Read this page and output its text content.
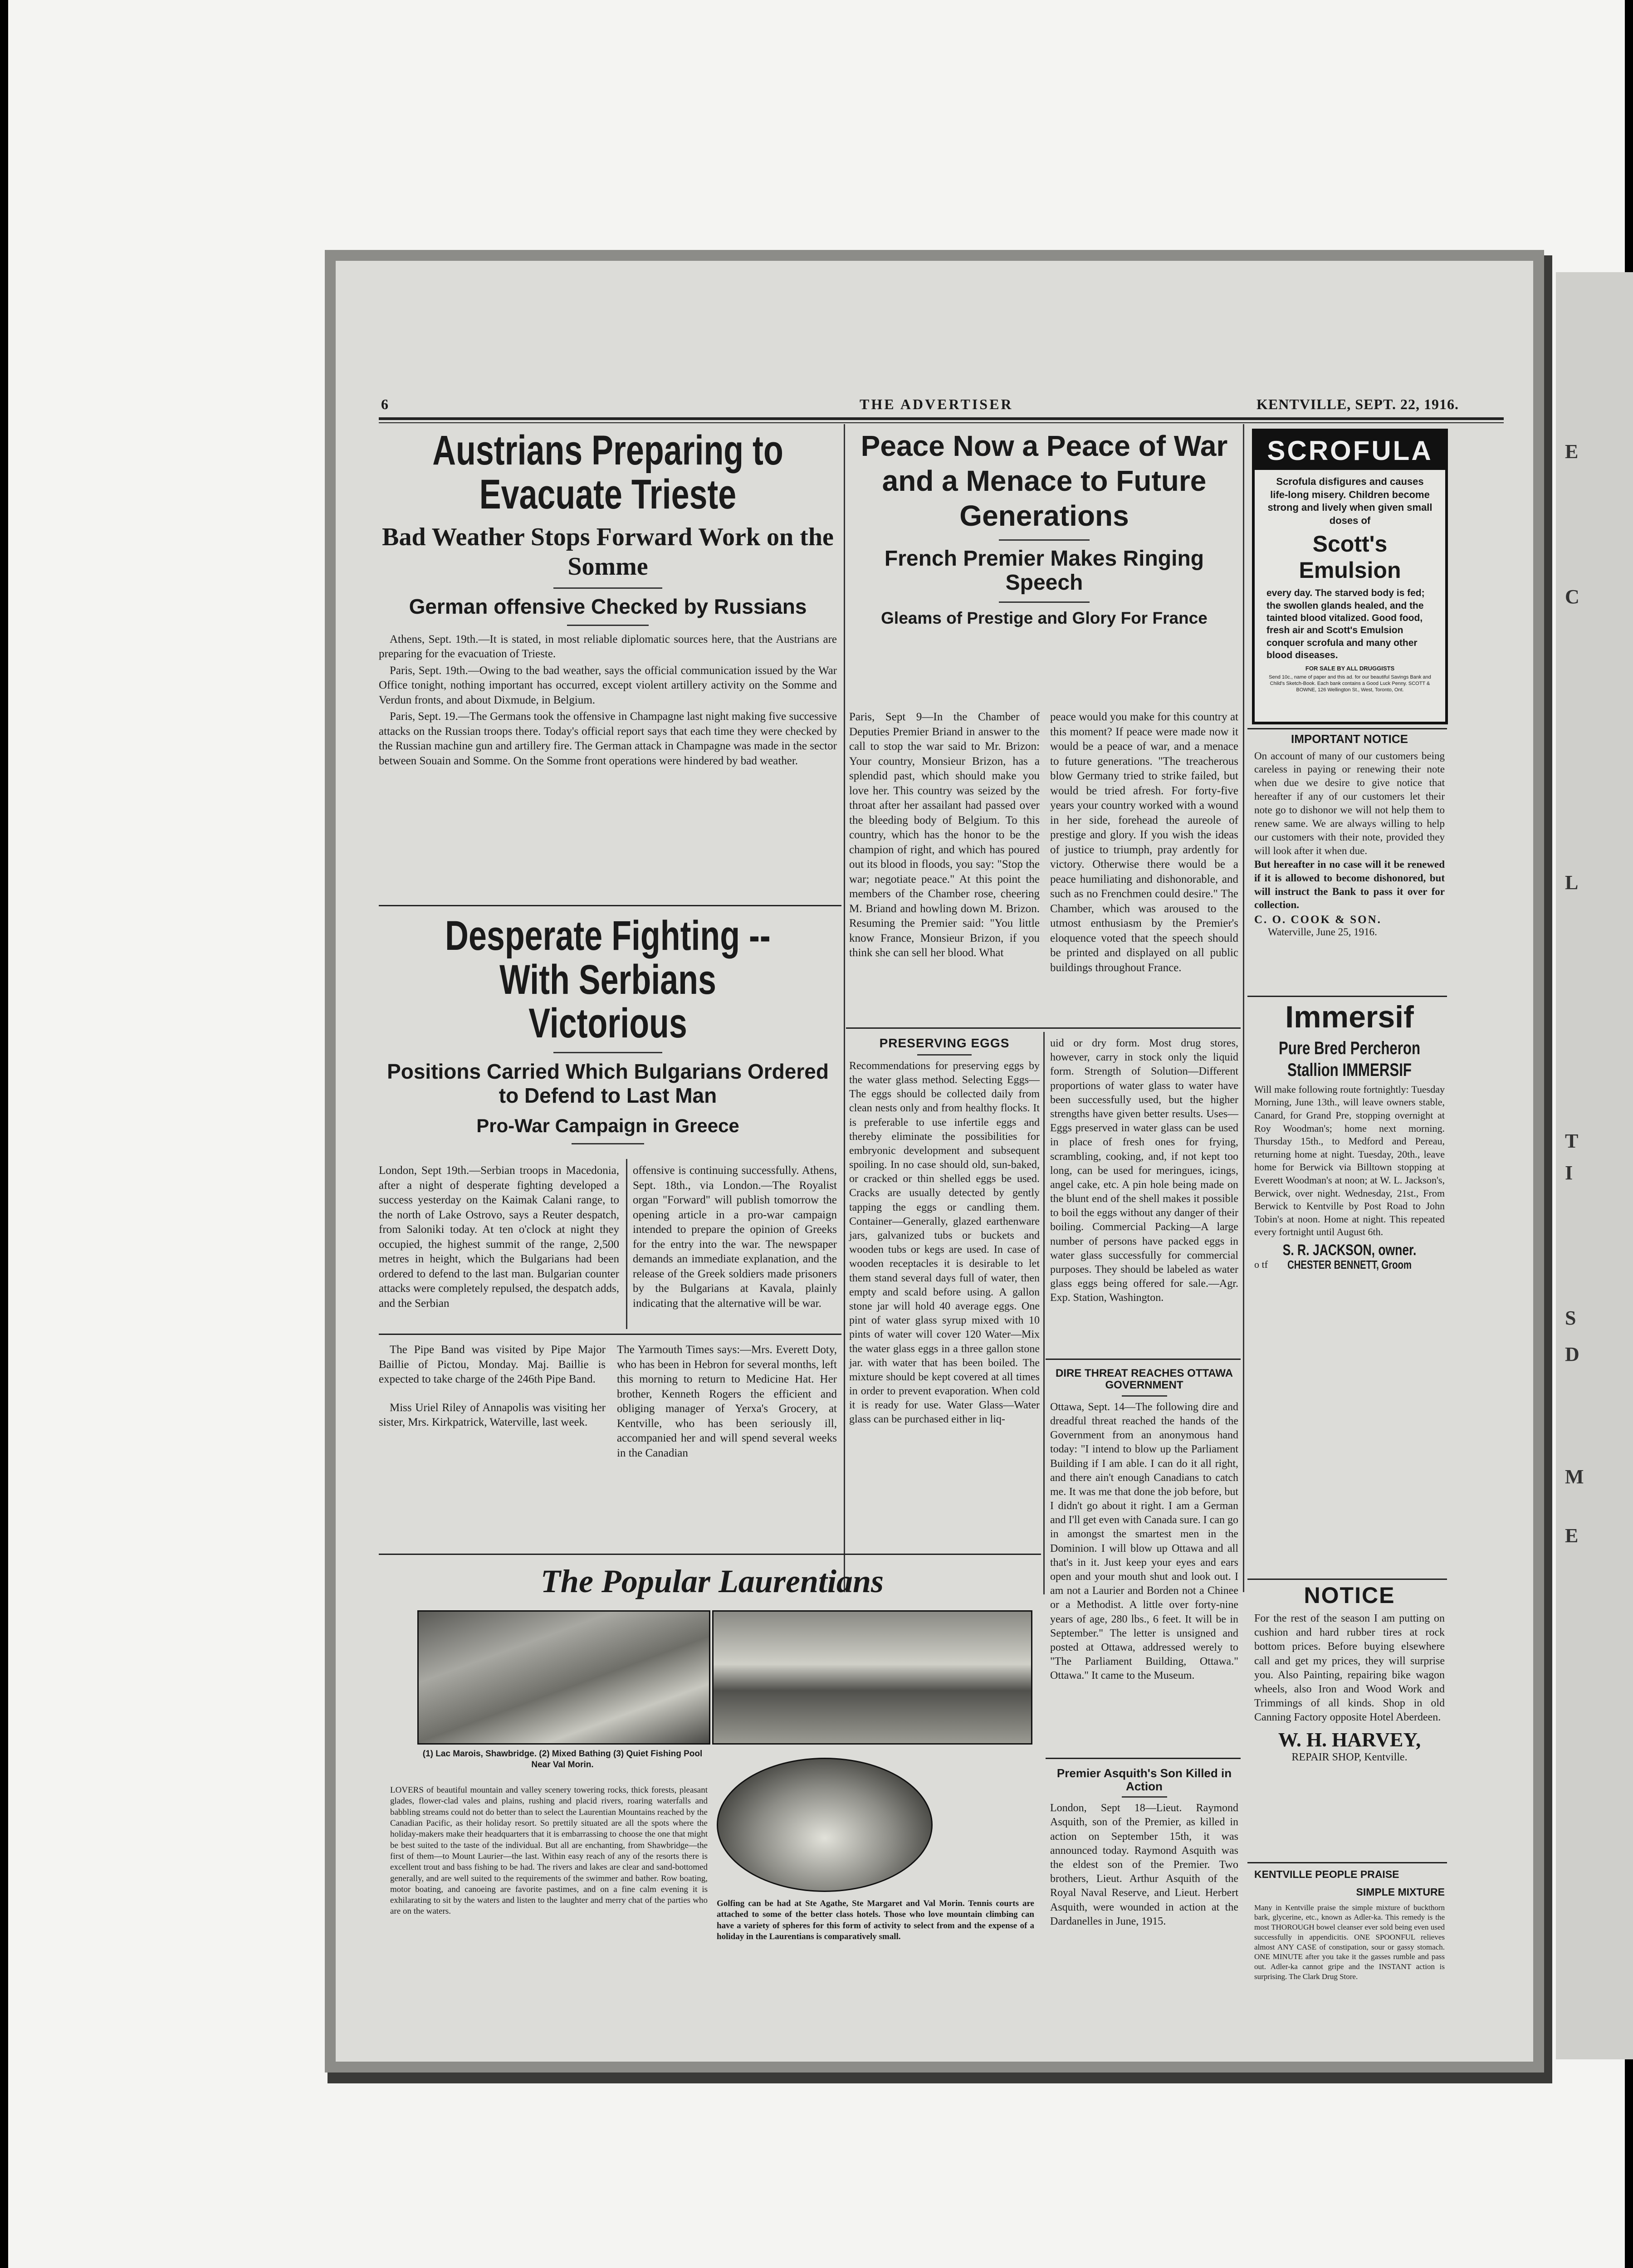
6	THE ADVERTISER	KENTVILLE, SEPT. 22, 1916.
Austrians Preparing to Evacuate Trieste
Bad Weather Stops Forward Work on the Somme
German offensive Checked by Russians

Athens, Sept. 19th.—It is stated, in most reliable diplomatic sources here, that the Austrians are preparing for the evacuation of Trieste.

Paris, Sept. 19th.—Owing to the bad weather, says the official communication issued by the War Office tonight, nothing important has occurred, except violent artillery activity on the Somme and Verdun fronts, and about Dixmude, in Belgium.

Paris, Sept. 19.—The Germans took the offensive in Champagne last night making five successive attacks on the Russian troops there. Today's official report says that each time they were checked by the Russian machine gun and artillery fire. The German attack in Champagne was made in the sector between Souain and Somme. On the Somme front operations were hindered by bad weather.

Desperate Fighting --With Serbians Victorious
Positions Carried Which Bulgarians Ordered to Defend to Last Man
Pro-War Campaign in Greece
London, Sept 19th.—Serbian troops in Macedonia, after a night of desperate fighting developed a success yesterday on the Kaimak Calani range, to the north of Lake Ostrovo, says a Reuter despatch, from Saloniki today. At ten o'clock at night they occupied, the highest summit of the range, 2,500 metres in height, which the Bulgarians had been ordered to defend to the last man. Bulgarian counter attacks were completely repulsed, the despatch adds, and the Serbian
offensive is continuing successfully. Athens, Sept. 18th., via London.—The Royalist organ "Forward" will publish tomorrow the opening article in a pro-war campaign intended to prepare the opinion of Greeks for the entry into the war. The newspaper demands an immediate explanation, and the release of the Greek soldiers made prisoners by the Bulgarians at Kavala, plainly indicating that the alternative will be war.

The Pipe Band was visited by Pipe Major Baillie of Pictou, Monday. Maj. Baillie is expected to take charge of the 246th Pipe Band.

Miss Uriel Riley of Annapolis was visiting her sister, Mrs. Kirkpatrick, Waterville, last week.

The Yarmouth Times says:—Mrs. Everett Doty, who has been in Hebron for several months, left this morning to return to Medicine Hat. Her brother, Kenneth Rogers the efficient and obliging manager of Yerxa's Grocery, at Kentville, who has been seriously ill, accompanied her and will spend several weeks in the Canadian
Peace Now a Peace of War and a Menace to Future Generations
French Premier Makes Ringing Speech
Gleams of Prestige and Glory For France
Paris, Sept 9—In the Chamber of Deputies Premier Briand in answer to the call to stop the war said to Mr. Brizon: Your country, Monsieur Brizon, has a splendid past, which should make you love her. This country was seized by the throat after her assailant had passed over the bleeding body of Belgium. To this country, which has the honor to be the champion of right, and which has poured out its blood in floods, you say: "Stop the war; negotiate peace." At this point the members of the Chamber rose, cheering M. Briand and howling down M. Brizon. Resuming the Premier said: "You little know France, Monsieur Brizon, if you think she can sell her blood. What
peace would you make for this country at this moment? If peace were made now it would be a peace of war, and a menace to future generations. "The treacherous blow Germany tried to strike failed, but would be tried afresh. For forty-five years your country worked with a wound in her side, forehead the aureole of prestige and glory. If you wish the ideas of justice to triumph, pray ardently for victory. Otherwise there would be a peace humiliating and dishonorable, and such as no Frenchmen could desire." The Chamber, which was aroused to the utmost enthusiasm by the Premier's eloquence voted that the speech should be printed and displayed on all public buildings throughout France.
PRESERVING EGGS
Recommendations for preserving eggs by the water glass method. Selecting Eggs—The eggs should be collected daily from clean nests only and from healthy flocks. It is preferable to use infertile eggs and thereby eliminate the possibilities for embryonic development and subsequent spoiling. In no case should old, sun-baked, or cracked or thin shelled eggs be used. Cracks are usually detected by gently tapping the eggs or candling them. Container—Generally, glazed earthenware jars, galvanized tubs or buckets and wooden tubs or kegs are used. In case of wooden receptacles it is desirable to let them stand several days full of water, then empty and scald before using. A gallon stone jar will hold 40 average eggs. One pint of water glass syrup mixed with 10 pints of water will cover 120 Water—Mix the water glass eggs in a three gallon stone jar. with water that has been boiled. The mixture should be kept covered at all times in order to prevent evaporation. When cold it is ready for use. Water Glass—Water glass can be purchased either in liq-
uid or dry form. Most drug stores, however, carry in stock only the liquid form. Strength of Solution—Different proportions of water glass to water have been successfully used, but the higher strengths have given better results. Uses—Eggs preserved in water glass can be used in place of fresh ones for frying, scrambling, cooking, and, if not kept too long, can be used for meringues, icings, angel cake, etc. A pin hole being made on the blunt end of the shell makes it possible to boil the eggs without any danger of their boiling. Commercial Packing—A large number of persons have packed eggs in water glass successfully for commercial purposes. They should be labeled as water glass eggs being offered for sale.—Agr. Exp. Station, Washington.
DIRE THREAT REACHES OTTAWA GOVERNMENT
Ottawa, Sept. 14—The following dire and dreadful threat reached the hands of the Government from an anonymous hand today: "I intend to blow up the Parliament Building if I am able. I can do it all right, and there ain't enough Canadians to catch me. It was me that done the job before, but I didn't go about it right. I am a German and I'll get even with Canada sure. I can go in amongst the smartest men in the Dominion. I will blow up Ottawa and all that's in it. Just keep your eyes and ears open and your mouth shut and look out. I am not a Laurier and Borden not a Chinee or a Methodist. A little over forty-nine years of age, 280 lbs., 6 feet. It will be in September." The letter is unsigned and posted at Ottawa, addressed werely to "The Parliament Building, Ottawa." Ottawa." It came to the Museum.
Premier Asquith's Son Killed in Action
London, Sept 18—Lieut. Raymond Asquith, son of the Premier, as killed in action on September 15th, it was announced today. Raymond Asquith was the eldest son of the Premier. Two brothers, Lieut. Arthur Asquith of the Royal Naval Reserve, and Lieut. Herbert Asquith, were wounded in action at the Dardanelles in June, 1915.
The Popular Laurentians
(1) Lac Marois, Shawbridge. (2) Mixed Bathing (3) Quiet Fishing Pool Near Val Morin.
LOVERS of beautiful mountain and valley scenery towering rocks, thick forests, pleasant glades, flower-clad vales and plains, rushing and placid rivers, roaring waterfalls and babbling streams could not do better than to select the Laurentian Mountains reached by the Canadian Pacific, as their holiday resort. So prettily situated are all the spots where the holiday-makers make their headquarters that it is embarrassing to choose the one that might be best suited to the taste of the individual. But all are enchanting, from Shawbridge—the first of them—to Mount Laurier—the last. Within easy reach of any of the resorts there is excellent trout and bass fishing to be had. The rivers and lakes are clear and sand-bottomed generally, and are well suited to the requirements of the swimmer and bather. Row boating, motor boating, and canoeing are favorite pastimes, and on a fine calm evening it is exhilarating to sit by the waters and listen to the laughter and merry chat of the parties who are on the waters.
Golfing can be had at Ste Agathe, Ste Margaret and Val Morin. Tennis courts are attached to some of the better class hotels. Those who love mountain climbing can have a variety of spheres for this form of activity to select from and the expense of a holiday in the Laurentians is comparatively small.
SCROFULA
Scrofula disfigures and causes life-long misery. Children become strong and lively when given small doses of
Scott's Emulsion
every day. The starved body is fed; the swollen glands healed, and the tainted blood vitalized. Good food, fresh air and Scott's Emulsion conquer scrofula and many other blood diseases.
FOR SALE BY ALL DRUGGISTS
Send 10c., name of paper and this ad. for our beautiful Savings Bank and Child's Sketch-Book. Each bank contains a Good Luck Penny. SCOTT & BOWNE, 126 Wellington St., West, Toronto, Ont.
IMPORTANT NOTICE
On account of many of our customers being careless in paying or renewing their note when due we desire to give notice that hereafter if any of our customers let their note go to dishonor we will not help them to renew same. We are always willing to help our customers with their note, provided they will look after it when due.
But hereafter in no case will it be renewed if it is allowed to become dishonored, but will instruct the Bank to pass it over for collection.
C. O. COOK & SON.
Waterville, June 25, 1916.
Immersif
Pure Bred Percheron
Stallion IMMERSIF
Will make following route fortnightly: Tuesday Morning, June 13th., will leave owners stable, Canard, for Grand Pre, stopping overnight at Roy Woodman's; home next morning. Thursday 15th., to Medford and Pereau, returning home at night. Tuesday, 20th., leave home for Berwick via Billtown stopping at Everett Woodman's at noon; at W. L. Jackson's, Berwick, over night. Wednesday, 21st., From Berwick to Kentville by Post Road to John Tobin's at noon. Home at night. This repeated every fortnight until August 6th.
S. R. JACKSON, owner.
o tf	CHESTER BENNETT, Groom
NOTICE
For the rest of the season I am putting on cushion and hard rubber tires at rock bottom prices. Before buying elsewhere call and get my prices, they will surprise you. Also Painting, repairing bike wagon wheels, also Iron and Wood Work and Trimmings of all kinds. Shop in old Canning Factory opposite Hotel Aberdeen.
W. H. HARVEY,
REPAIR SHOP, Kentville.
KENTVILLE PEOPLE PRAISE
SIMPLE MIXTURE
Many in Kentville praise the simple mixture of buckthorn bark, glycerine, etc., known as Adler-ka. This remedy is the most THOROUGH bowel cleanser ever sold being even used successfully in appendicitis. ONE SPOONFUL relieves almost ANY CASE of constipation, sour or gassy stomach. ONE MINUTE after you take it the gasses rumble and pass out. Adler-ka cannot gripe and the INSTANT action is surprising. The Clark Drug Store.
E
C
L
T
I
S
D
M
E
